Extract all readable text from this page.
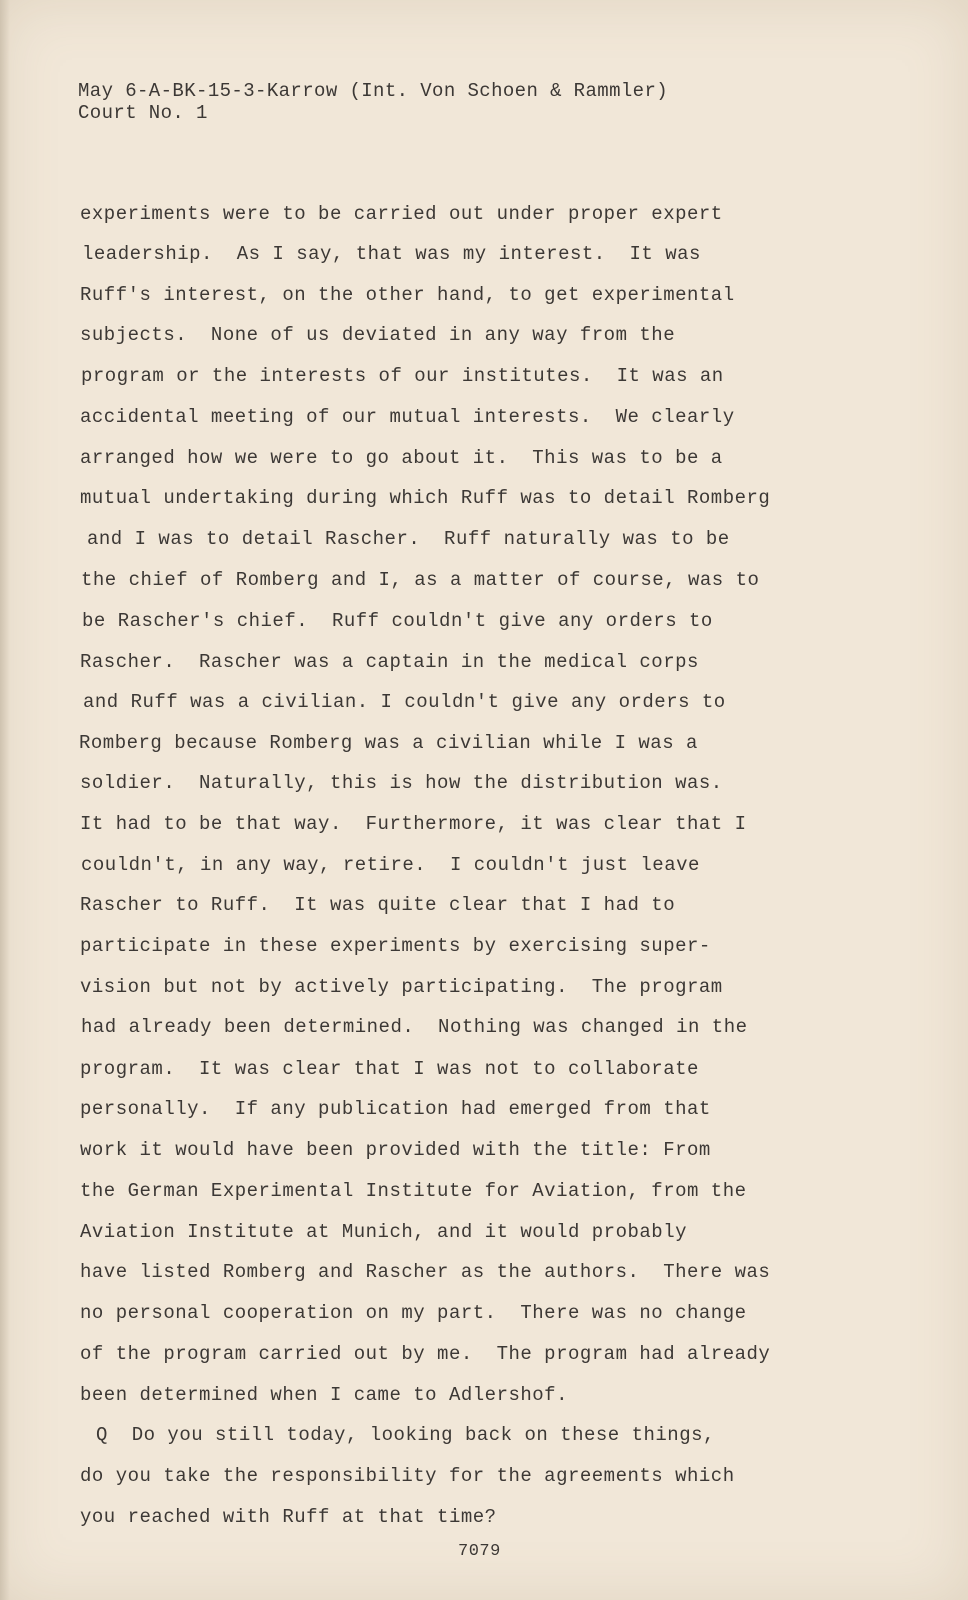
May 6-A-BK-15-3-Karrow (Int. Von Schoen & Rammler)
Court No. 1
experiments were to be carried out under proper expert
leadership.  As I say, that was my interest.  It was
Ruff's interest, on the other hand, to get experimental
subjects.  None of us deviated in any way from the
program or the interests of our institutes.  It was an
accidental meeting of our mutual interests.  We clearly
arranged how we were to go about it.  This was to be a
mutual undertaking during which Ruff was to detail Romberg
and I was to detail Rascher.  Ruff naturally was to be
the chief of Romberg and I, as a matter of course, was to
be Rascher's chief.  Ruff couldn't give any orders to
Rascher.  Rascher was a captain in the medical corps
and Ruff was a civilian. I couldn't give any orders to
Romberg because Romberg was a civilian while I was a
soldier.  Naturally, this is how the distribution was.
It had to be that way.  Furthermore, it was clear that I
couldn't, in any way, retire.  I couldn't just leave
Rascher to Ruff.  It was quite clear that I had to
participate in these experiments by exercising super-
vision but not by actively participating.  The program
had already been determined.  Nothing was changed in the
program.  It was clear that I was not to collaborate
personally.  If any publication had emerged from that
work it would have been provided with the title: From
the German Experimental Institute for Aviation, from the
Aviation Institute at Munich, and it would probably
have listed Romberg and Rascher as the authors.  There was
no personal cooperation on my part.  There was no change
of the program carried out by me.  The program had already
been determined when I came to Adlershof.
Q  Do you still today, looking back on these things,
do you take the responsibility for the agreements which
you reached with Ruff at that time?
7079
